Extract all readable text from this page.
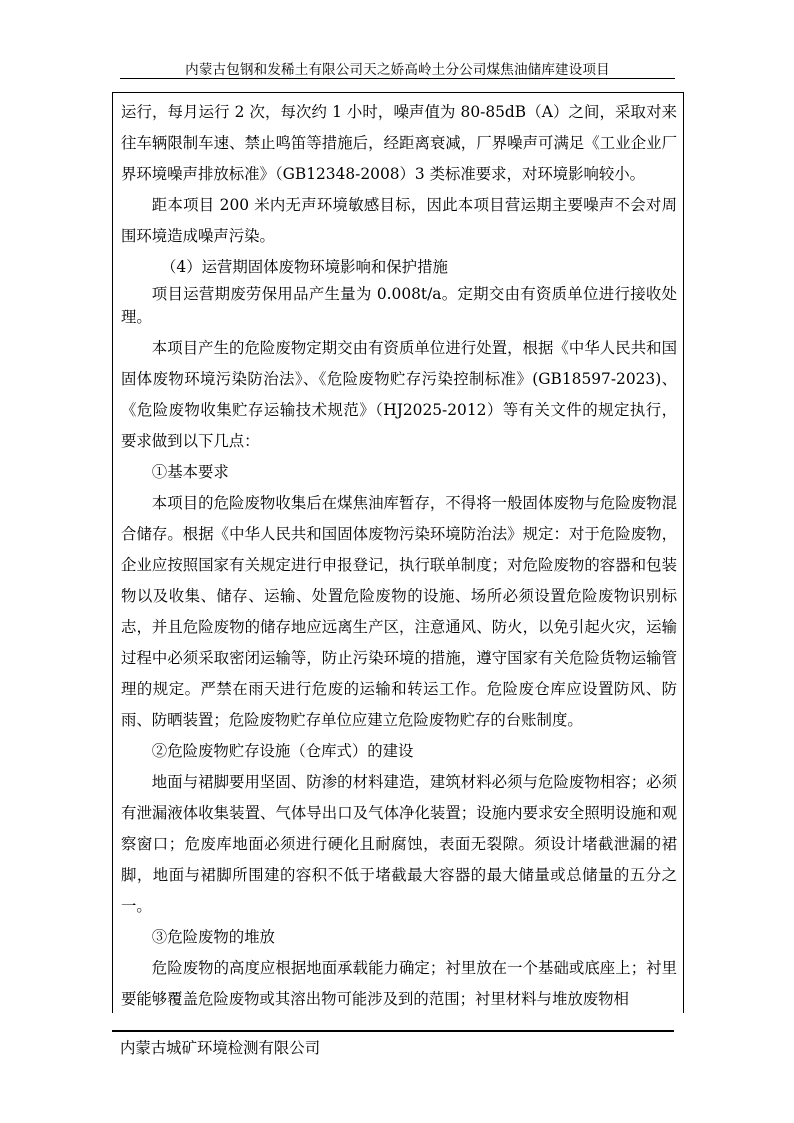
内蒙古包钢和发稀土有限公司天之娇高岭土分公司煤焦油储库建设项目

运行，每月运行 2 次，每次约 1 小时，噪声值为 80-85dB（A）之间，采取对来往车辆限制车速、禁止鸣笛等措施后，经距离衰减，厂界噪声可满足《工业企业厂界环境噪声排放标准》（GB12348-2008）3 类标准要求，对环境影响较小。

距本项目 200 米内无声环境敏感目标，因此本项目营运期主要噪声不会对周围环境造成噪声污染。

（4）运营期固体废物环境影响和保护措施

项目运营期废劳保用品产生量为 0.008t/a。定期交由有资质单位进行接收处理。

本项目产生的危险废物定期交由有资质单位进行处置，根据《中华人民共和国固体废物环境污染防治法》、《危险废物贮存污染控制标准》(GB18597-2023)、《危险废物收集贮存运输技术规范》（HJ2025-2012）等有关文件的规定执行，要求做到以下几点：

①基本要求

本项目的危险废物收集后在煤焦油库暂存，不得将一般固体废物与危险废物混合储存。根据《中华人民共和国固体废物污染环境防治法》规定：对于危险废物，企业应按照国家有关规定进行申报登记，执行联单制度；对危险废物的容器和包装物以及收集、储存、运输、处置危险废物的设施、场所必须设置危险废物识别标志，并且危险废物的储存地应远离生产区，注意通风、防火，以免引起火灾，运输过程中必须采取密闭运输等，防止污染环境的措施，遵守国家有关危险货物运输管理的规定。严禁在雨天进行危废的运输和转运工作。危险废仓库应设置防风、防雨、防晒装置；危险废物贮存单位应建立危险废物贮存的台账制度。

②危险废物贮存设施（仓库式）的建设

地面与裙脚要用坚固、防渗的材料建造，建筑材料必须与危险废物相容；必须有泄漏液体收集装置、气体导出口及气体净化装置；设施内要求安全照明设施和观察窗口；危废库地面必须进行硬化且耐腐蚀，表面无裂隙。须设计堵截泄漏的裙脚，地面与裙脚所围建的容积不低于堵截最大容器的最大储量或总储量的五分之一。

③危险废物的堆放

危险废物的高度应根据地面承载能力确定；衬里放在一个基础或底座上；衬里要能够覆盖危险废物或其溶出物可能涉及到的范围；衬里材料与堆放废物相

内蒙古城矿环境检测有限公司
